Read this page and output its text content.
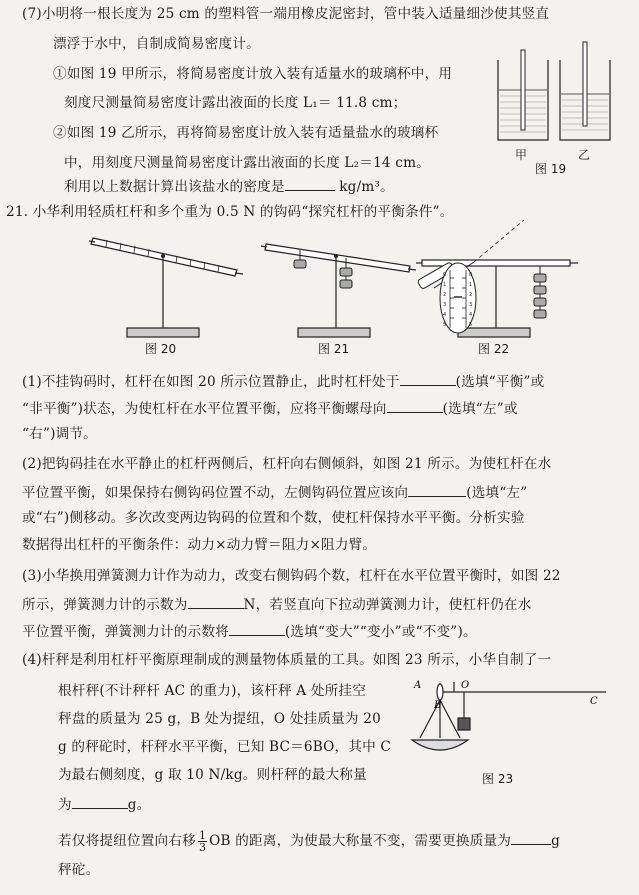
(7)小明将一根长度为 25 cm 的塑料管一端用橡皮泥密封，管中装入适量细沙使其竖直
漂浮于水中，自制成简易密度计。
①如图 19 甲所示，将简易密度计放入装有适量水的玻璃杯中，用
刻度尺测量简易密度计露出液面的长度 L₁＝ 11.8 cm；
②如图 19 乙所示，再将简易密度计放入装有适量盐水的玻璃杯
中，用刻度尺测量简易密度计露出液面的长度 L₂＝14 cm。
利用以上数据计算出该盐水的密度是	kg/m³。
甲	乙
图 19
21. 小华利用轻质杠杆和多个重为 0.5 N 的钩码“探究杠杆的平衡条件”。
图 20	图 21
0
1
2
3
4
5
0
1
2
3
4
5
图 22
(1)不挂钩码时，杠杆在如图 20 所示位置静止，此时杠杆处于	(选填“平衡”或
“非平衡”)状态，为使杠杆在水平位置平衡，应将平衡螺母向	(选填“左”或
“右”)调节。
(2)把钩码挂在水平静止的杠杆两侧后，杠杆向右侧倾斜，如图 21 所示。为使杠杆在水
平位置平衡，如果保持右侧钩码位置不动，左侧钩码位置应该向	(选填“左”
或“右”)侧移动。多次改变两边钩码的位置和个数，使杠杆保持水平平衡。分析实验
数据得出杠杆的平衡条件：动力×动力臂＝阻力×阻力臂。
(3)小华换用弹簧测力计作为动力，改变右侧钩码个数，杠杆在水平位置平衡时，如图 22
所示，弹簧测力计的示数为	N，若竖直向下拉动弹簧测力计，使杠杆仍在水
平位置平衡，弹簧测力计的示数将	(选填“变大”“变小”或“不变”)。
(4)杆秤是利用杠杆平衡原理制成的测量物体质量的工具。如图 23 所示，小华自制了一
根杆秤(不计秤杆 AC 的重力)，该杆秤 A 处所挂空
秤盘的质量为 25 g，B 处为提纽，O 处挂质量为 20
g 的秤砣时，杆秤水平平衡，已知 BC＝6BO，其中 C
为最右侧刻度，g 取 10 N/kg。则杆秤的最大称量
为	g。
A
B
O
C
图 23
若仅将提纽位置向右移 $\frac{1}{3}$ OB 的距离，为使最大称量不变，需要更换质量为	g
秤砣。
